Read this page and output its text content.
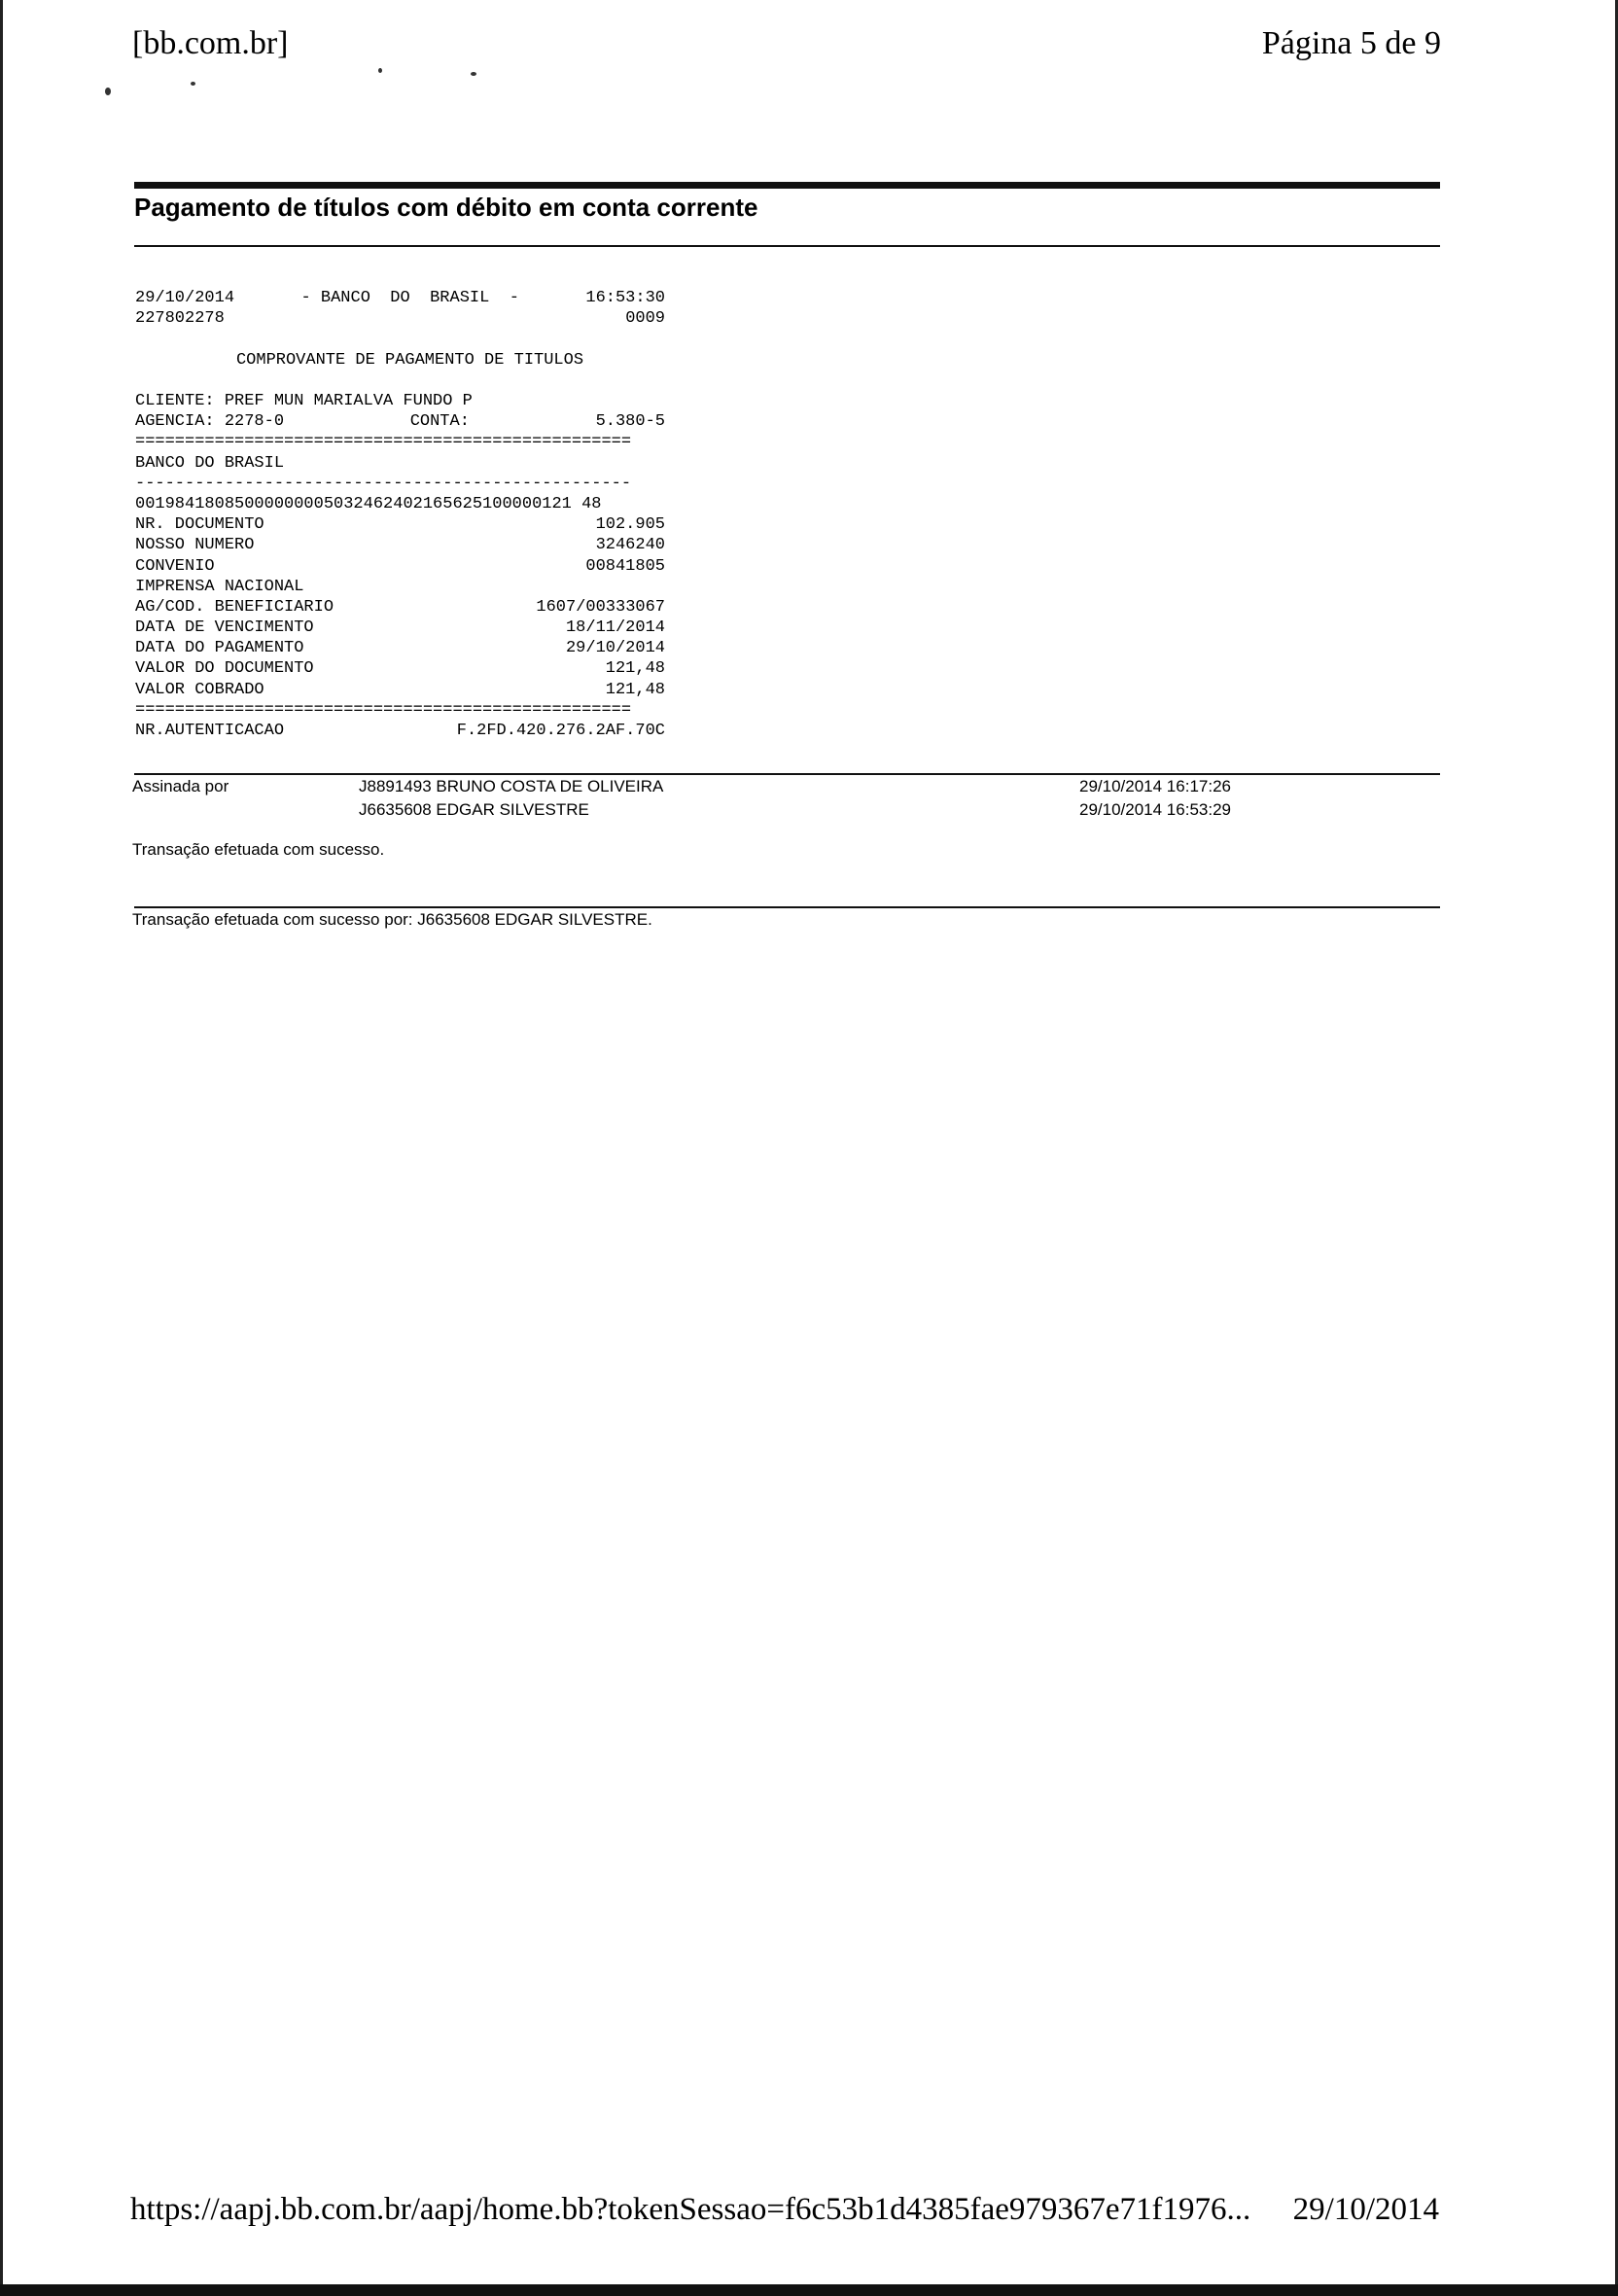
[bb.com.br]	Página 5 de 9
Pagamento de títulos com débito em conta corrente
29/10/2014	- BANCO  DO  BRASIL  -	16:53:30
227802278	0009
COMPROVANTE DE PAGAMENTO DE TITULOS
CLIENTE: PREF MUN MARIALVA FUNDO P
AGENCIA: 2278-0	CONTA:	5.380-5
==================================================
BANCO DO BRASIL
--------------------------------------------------
00198418085000000005032462402165625100000121 48
NR. DOCUMENTO	102.905
NOSSO NUMERO	3246240
CONVENIO	00841805
IMPRENSA NACIONAL
AG/COD. BENEFICIARIO	1607/00333067
DATA DE VENCIMENTO	18/11/2014
DATA DO PAGAMENTO	29/10/2014
VALOR DO DOCUMENTO	121,48
VALOR COBRADO	121,48
==================================================
NR.AUTENTICACAO	F.2FD.420.276.2AF.70C
Assinada por	J8891493 BRUNO COSTA DE OLIVEIRA	29/10/2014 16:17:26
J6635608 EDGAR SILVESTRE	29/10/2014 16:53:29
Transação efetuada com sucesso.
Transação efetuada com sucesso por: J6635608 EDGAR SILVESTRE.
https://aapj.bb.com.br/aapj/home.bb?tokenSessao=f6c53b1d4385fae979367e71f1976... 29/10/2014
